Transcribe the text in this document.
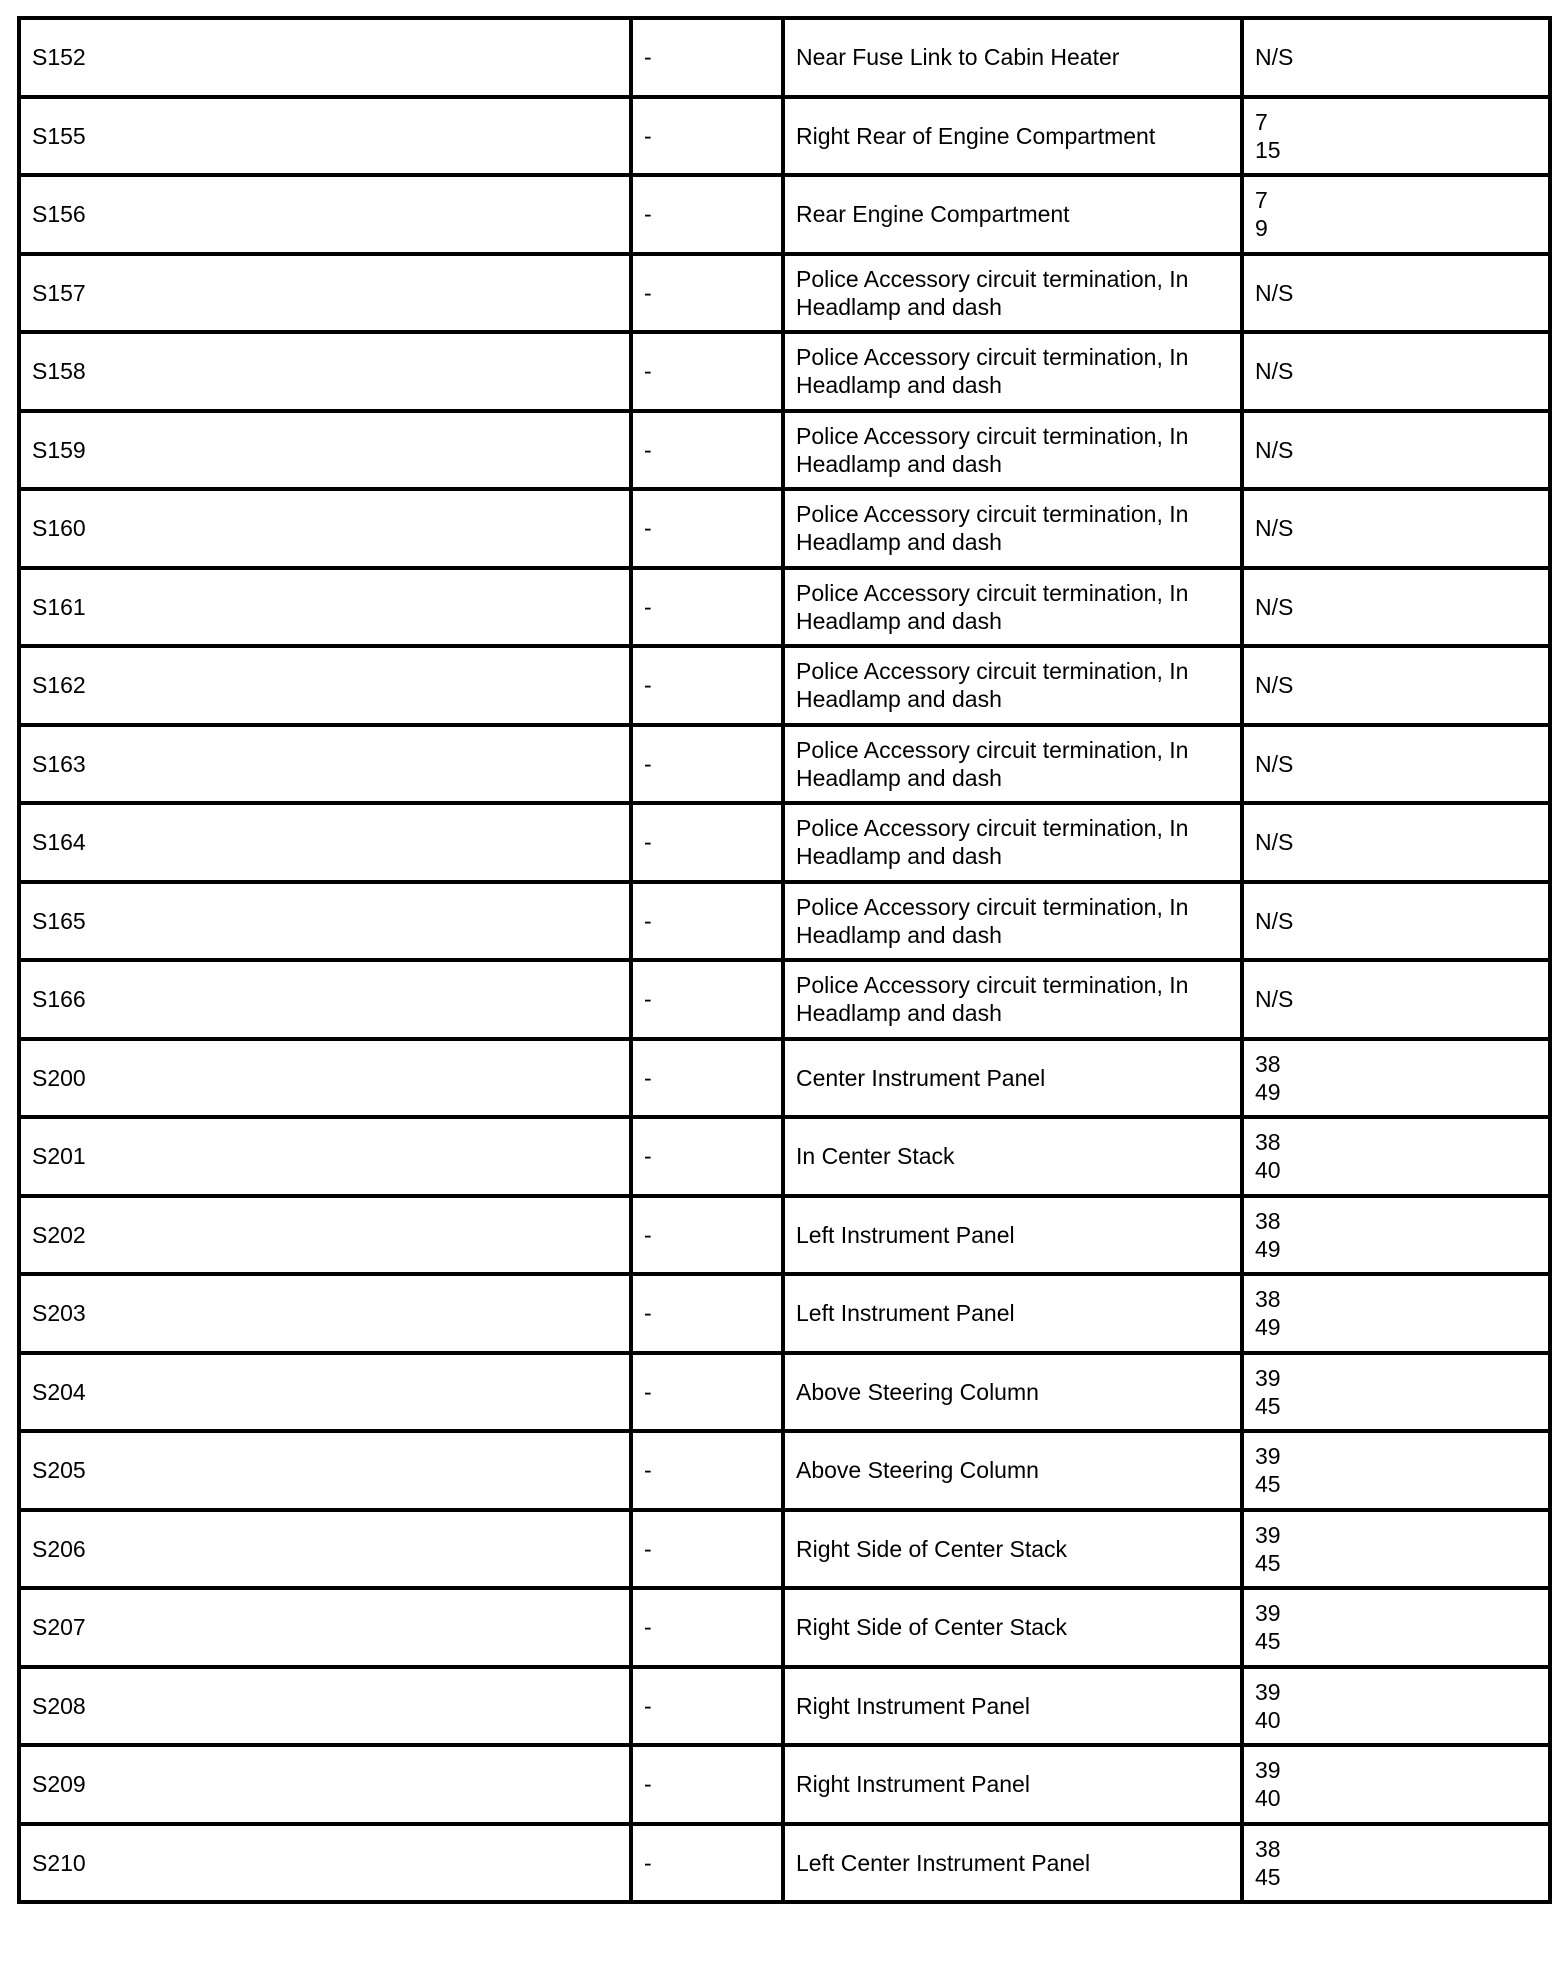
S152	-	Near Fuse Link to Cabin Heater	N/S
S155	-	Right Rear of Engine Compartment	7
15
S156	-	Rear Engine Compartment	7
9
S157	-	Police Accessory circuit termination, In
Headlamp and dash	N/S
S158	-	Police Accessory circuit termination, In
Headlamp and dash	N/S
S159	-	Police Accessory circuit termination, In
Headlamp and dash	N/S
S160	-	Police Accessory circuit termination, In
Headlamp and dash	N/S
S161	-	Police Accessory circuit termination, In
Headlamp and dash	N/S
S162	-	Police Accessory circuit termination, In
Headlamp and dash	N/S
S163	-	Police Accessory circuit termination, In
Headlamp and dash	N/S
S164	-	Police Accessory circuit termination, In
Headlamp and dash	N/S
S165	-	Police Accessory circuit termination, In
Headlamp and dash	N/S
S166	-	Police Accessory circuit termination, In
Headlamp and dash	N/S
S200	-	Center Instrument Panel	38
49
S201	-	In Center Stack	38
40
S202	-	Left Instrument Panel	38
49
S203	-	Left Instrument Panel	38
49
S204	-	Above Steering Column	39
45
S205	-	Above Steering Column	39
45
S206	-	Right Side of Center Stack	39
45
S207	-	Right Side of Center Stack	39
45
S208	-	Right Instrument Panel	39
40
S209	-	Right Instrument Panel	39
40
S210	-	Left Center Instrument Panel	38
45
